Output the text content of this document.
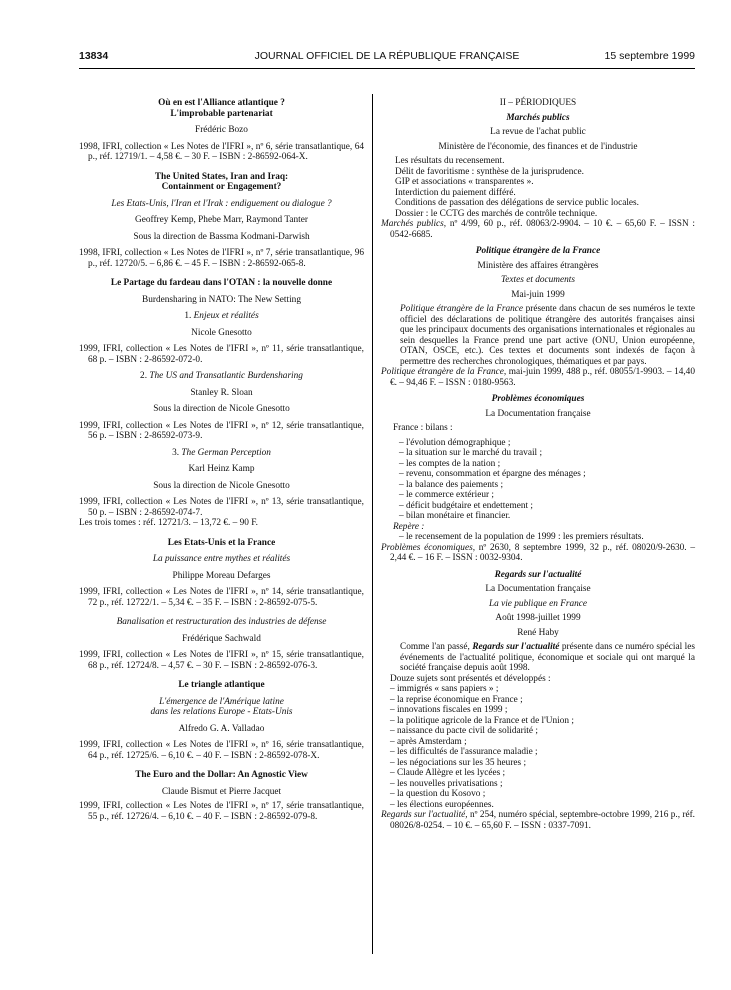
13834	JOURNAL OFFICIEL DE LA RÉPUBLIQUE FRANÇAISE	15 septembre 1999
Où en est l'Alliance atlantique ?
L'improbable partenariat
Frédéric Bozo
1998, IFRI, collection « Les Notes de l'IFRI », nº 6, série transatlantique, 64 p., réf. 12719/1. – 4,58 €. – 30 F. – ISBN : 2-86592-064-X.
The United States, Iran and Iraq:
Containment or Engagement?
Les Etats-Unis, l'Iran et l'Irak : endiguement ou dialogue ?
Geoffrey Kemp, Phebe Marr, Raymond Tanter
Sous la direction de Bassma Kodmani-Darwish
1998, IFRI, collection « Les Notes de l'IFRI », nº 7, série transatlantique, 96 p., réf. 12720/5. – 6,86 €. – 45 F. – ISBN : 2-86592-065-8.
Le Partage du fardeau dans l'OTAN : la nouvelle donne
Burdensharing in NATO: The New Setting
1. Enjeux et réalités
Nicole Gnesotto
1999, IFRI, collection « Les Notes de l'IFRI », nº 11, série transatlantique, 68 p. – ISBN : 2-86592-072-0.
2. The US and Transatlantic Burdensharing
Stanley R. Sloan
Sous la direction de Nicole Gnesotto
1999, IFRI, collection « Les Notes de l'IFRI », nº 12, série transatlantique, 56 p. – ISBN : 2-86592-073-9.
3. The German Perception
Karl Heinz Kamp
Sous la direction de Nicole Gnesotto
1999, IFRI, collection « Les Notes de l'IFRI », nº 13, série transatlantique, 50 p. – ISBN : 2-86592-074-7.
Les trois tomes : réf. 12721/3. – 13,72 €. – 90 F.
Les Etats-Unis et la France
La puissance entre mythes et réalités
Philippe Moreau Defarges
1999, IFRI, collection « Les Notes de l'IFRI », nº 14, série transatlantique, 72 p., réf. 12722/1. – 5,34 €. – 35 F. – ISBN : 2-86592-075-5.
Banalisation et restructuration des industries de défense
Frédérique Sachwald
1999, IFRI, collection « Les Notes de l'IFRI », nº 15, série transatlantique, 68 p., réf. 12724/8. – 4,57 €. – 30 F. – ISBN : 2-86592-076-3.
Le triangle atlantique
L'émergence de l'Amérique latine
dans les relations Europe - Etats-Unis
Alfredo G. A. Valladao
1999, IFRI, collection « Les Notes de l'IFRI », nº 16, série transatlantique, 64 p., réf. 12725/6. – 6,10 €. – 40 F. – ISBN : 2-86592-078-X.
The Euro and the Dollar: An Agnostic View
Claude Bismut et Pierre Jacquet
1999, IFRI, collection « Les Notes de l'IFRI », nº 17, série transatlantique, 55 p., réf. 12726/4. – 6,10 €. – 40 F. – ISBN : 2-86592-079-8.
II – PÉRIODIQUES
Marchés publics
La revue de l'achat public
Ministère de l'économie, des finances et de l'industrie
Les résultats du recensement.
Délit de favoritisme : synthèse de la jurisprudence.
GIP et associations « transparentes ».
Interdiction du paiement différé.
Conditions de passation des délégations de service public locales.
Dossier : le CCTG des marchés de contrôle technique.
Marchés publics, nº 4/99, 60 p., réf. 08063/2-9904. – 10 €. – 65,60 F. – ISSN : 0542-6685.
Politique étrangère de la France
Ministère des affaires étrangères
Textes et documents
Mai-juin 1999
Politique étrangère de la France présente dans chacun de ses numéros le texte officiel des déclarations de politique étrangère des autorités françaises ainsi que les principaux documents des organisations internationales et régionales au sein desquelles la France prend une part active (ONU, Union européenne, OTAN, OSCE, etc.). Ces textes et documents sont indexés de façon à permettre des recherches chronologiques, thématiques et par pays.
Politique étrangère de la France, mai-juin 1999, 488 p., réf. 08055/1-9903. – 14,40 €. – 94,46 F. – ISSN : 0180-9563.
Problèmes économiques
La Documentation française
France : bilans :
– l'évolution démographique ;
– la situation sur le marché du travail ;
– les comptes de la nation ;
– revenu, consommation et épargne des ménages ;
– la balance des paiements ;
– le commerce extérieur ;
– déficit budgétaire et endettement ;
– bilan monétaire et financier.
Repère :
– le recensement de la population de 1999 : les premiers résultats.
Problèmes économiques, nº 2630, 8 septembre 1999, 32 p., réf. 08020/9-2630. – 2,44 €. – 16 F. – ISSN : 0032-9304.
Regards sur l'actualité
La Documentation française
La vie publique en France
Août 1998-juillet 1999
René Haby
Comme l'an passé, Regards sur l'actualité présente dans ce numéro spécial les événements de l'actualité politique, économique et sociale qui ont marqué la société française depuis août 1998.
Douze sujets sont présentés et développés :
– immigrés « sans papiers » ;
– la reprise économique en France ;
– innovations fiscales en 1999 ;
– la politique agricole de la France et de l'Union ;
– naissance du pacte civil de solidarité ;
– après Amsterdam ;
– les difficultés de l'assurance maladie ;
– les négociations sur les 35 heures ;
– Claude Allègre et les lycées ;
– les nouvelles privatisations ;
– la question du Kosovo ;
– les élections européennes.
Regards sur l'actualité, nº 254, numéro spécial, septembre-octobre 1999, 216 p., réf. 08026/8-0254. – 10 €. – 65,60 F. – ISSN : 0337-7091.
